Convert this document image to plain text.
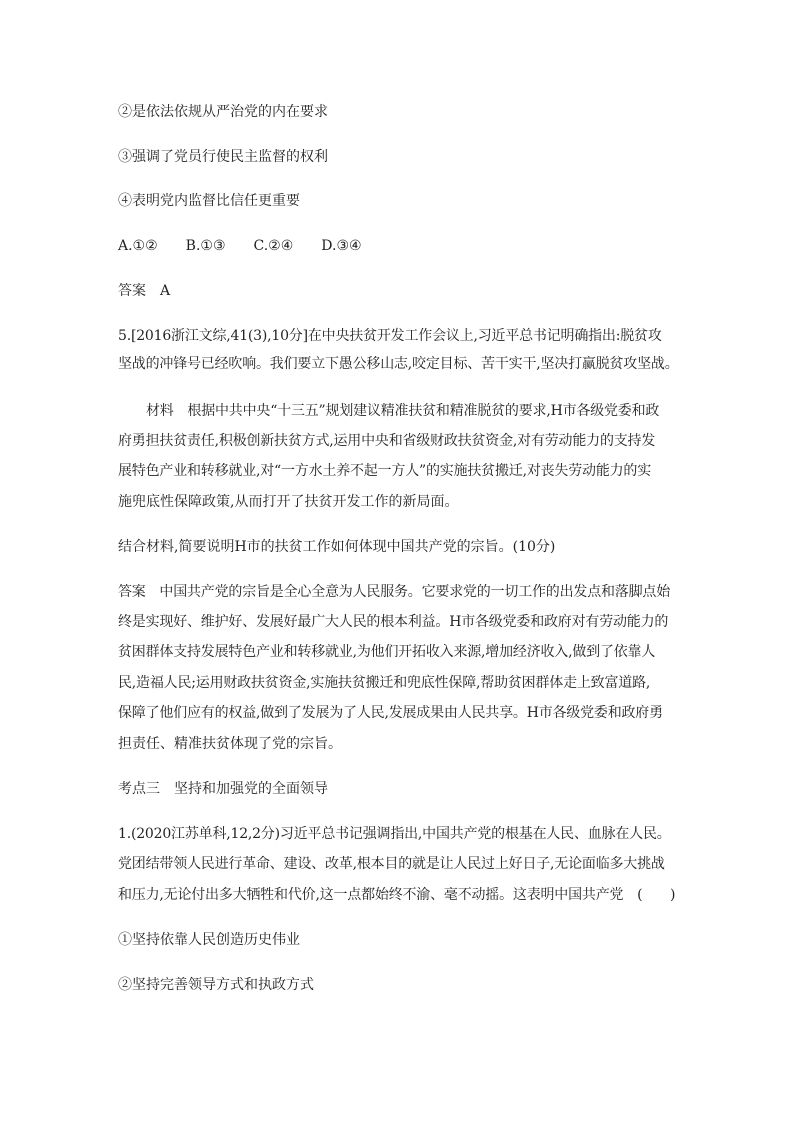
②是依法依规从严治党的内在要求
③强调了党员行使民主监督的权利
④表明党内监督比信任更重要
A.①②　　B.①③　　C.②④　　D.③④
答案　A
5.[2016浙江文综,41(3),10分]在中央扶贫开发工作会议上,习近平总书记明确指出:脱贫攻
坚战的冲锋号已经吹响。我们要立下愚公移山志,咬定目标、苦干实干,坚决打赢脱贫攻坚战。
材料　根据中共中央“十三五”规划建议精准扶贫和精准脱贫的要求,H市各级党委和政
府勇担扶贫责任,积极创新扶贫方式,运用中央和省级财政扶贫资金,对有劳动能力的支持发
展特色产业和转移就业,对“一方水土养不起一方人”的实施扶贫搬迁,对丧失劳动能力的实
施兜底性保障政策,从而打开了扶贫开发工作的新局面。
结合材料,简要说明H市的扶贫工作如何体现中国共产党的宗旨。(10分)
答案　中国共产党的宗旨是全心全意为人民服务。它要求党的一切工作的出发点和落脚点始
终是实现好、维护好、发展好最广大人民的根本利益。H市各级党委和政府对有劳动能力的
贫困群体支持发展特色产业和转移就业,为他们开拓收入来源,增加经济收入,做到了依靠人
民,造福人民;运用财政扶贫资金,实施扶贫搬迁和兜底性保障,帮助贫困群体走上致富道路,
保障了他们应有的权益,做到了发展为了人民,发展成果由人民共享。H市各级党委和政府勇
担责任、精准扶贫体现了党的宗旨。
考点三　坚持和加强党的全面领导
1.(2020江苏单科,12,2分)习近平总书记强调指出,中国共产党的根基在人民、血脉在人民。
党团结带领人民进行革命、建设、改革,根本目的就是让人民过上好日子,无论面临多大挑战
和压力,无论付出多大牺牲和代价,这一点都始终不渝、毫不动摇。这表明中国共产党　(　　)
①坚持依靠人民创造历史伟业
②坚持完善领导方式和执政方式
